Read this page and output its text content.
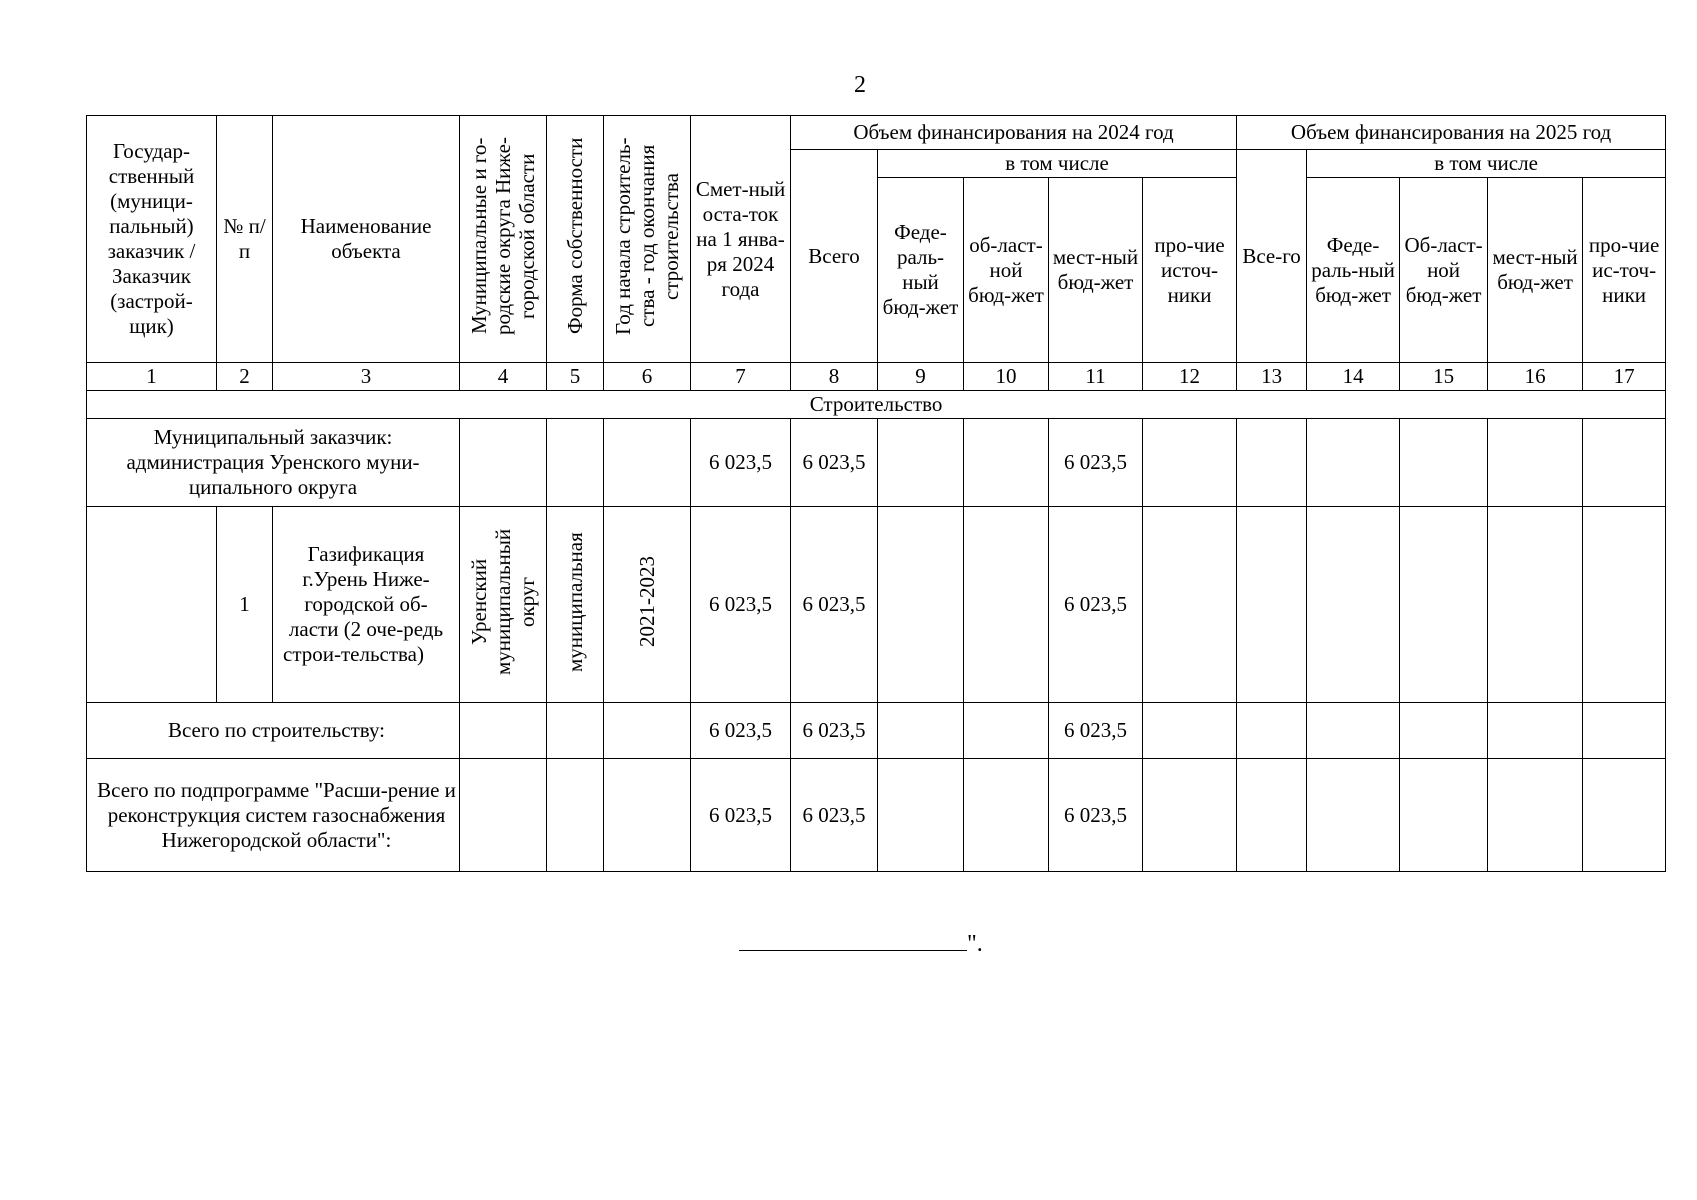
2
Государ-ственный (муници-пальный) заказчик / Заказчик (застрой-щик)	№ п/п	Наименование объекта	Муниципальные и го-родские округа Ниже-городской области	Форма собственности	Год начала строитель-ства - год окончания строительства	Смет-ный оста-ток на 1 янва-ря 2024 года	Объем финансирования на 2024 год					Объем финансирования на 2025 год				
							Всего	в том числе				Все-го	в том числе			
								Феде-раль-ный бюд-жет	об-ласт-ной бюд-жет	мест-ный бюд-жет	про-чие источ-ники		Феде-раль-ный бюд-жет	Об-ласт-ной бюд-жет	мест-ный бюд-жет	про-чие ис-точ-ники
1	2	3	4	5	6	7	8	9	10	11	12	13	14	15	16	17
Строительство																
Муниципальный заказчик: администрация Уренского муни-ципального округа						6 023,5	6 023,5			6 023,5						
	1	Газификация г.Урень Ниже-городской об-ласти (2 оче-редь строи-тельства)	Уренский муниципальный округ	муниципальная	2021-2023	6 023,5	6 023,5			6 023,5						
Всего по строительству:						6 023,5	6 023,5			6 023,5						
Всего по подпрограмме "Расши-рение и реконструкция систем газоснабжения Нижегородской области":						6 023,5	6 023,5			6 023,5						
".
